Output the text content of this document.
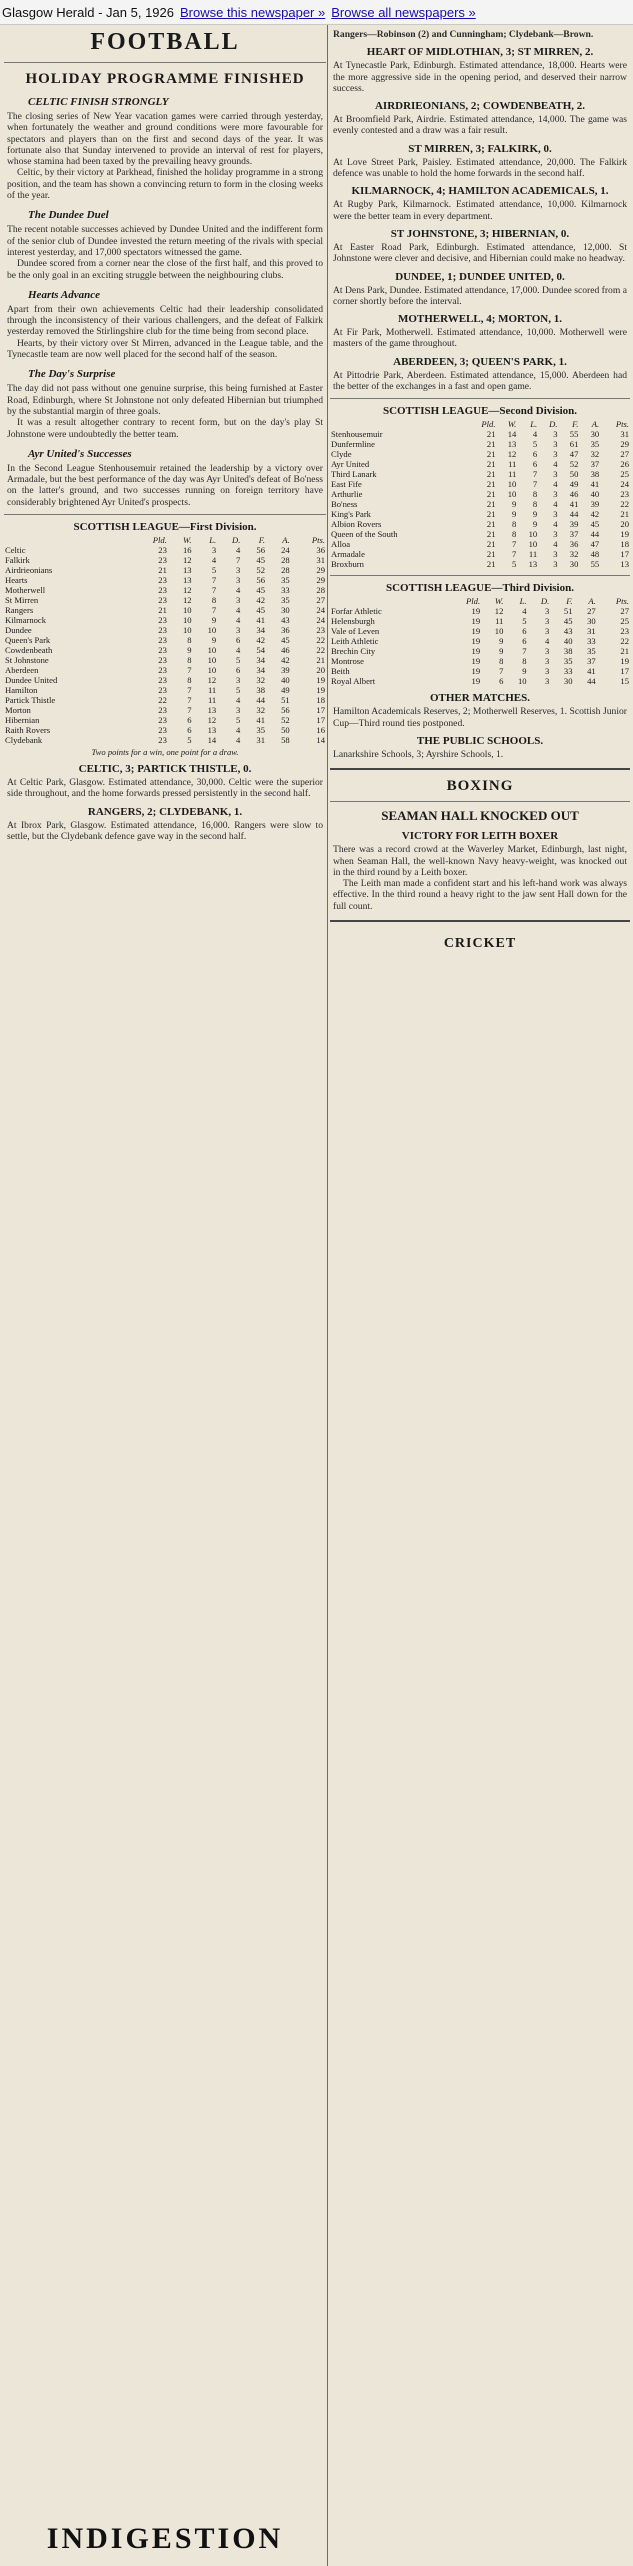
Glasgow Herald - Jan 5, 1926 Browse this newspaper » Browse all newspapers »
FOOTBALL
HOLIDAY PROGRAMME FINISHED
CELTIC FINISH STRONGLY

The closing series of New Year vacation games were carried through yesterday, when fortunately the weather and ground conditions were more favourable for spectators and players than on the first and second days of the year. It was fortunate also that Sunday intervened to provide an interval of rest for players, whose stamina had been taxed by the prevailing heavy grounds.

Celtic, by their victory at Parkhead, finished the holiday programme in a strong position, and the team has shown a convincing return to form in the closing weeks of the year.

The Dundee Duel

The recent notable successes achieved by Dundee United and the indifferent form of the senior club of Dundee invested the return meeting of the rivals with special interest yesterday, and 17,000 spectators witnessed the game.

Dundee scored from a corner near the close of the first half, and this proved to be the only goal in an exciting struggle between the neighbouring clubs.

Hearts Advance

Apart from their own achievements Celtic had their leadership consolidated through the inconsistency of their various challengers, and the defeat of Falkirk yesterday removed the Stirlingshire club for the time being from second place.

Hearts, by their victory over St Mirren, advanced in the League table, and the Tynecastle team are now well placed for the second half of the season.

The Day's Surprise

The day did not pass without one genuine surprise, this being furnished at Easter Road, Edinburgh, where St Johnstone not only defeated Hibernian but triumphed by the substantial margin of three goals.

It was a result altogether contrary to recent form, but on the day's play St Johnstone were undoubtedly the better team.

Ayr United's Successes

In the Second League Stenhousemuir retained the leadership by a victory over Armadale, but the best performance of the day was Ayr United's defeat of Bo'ness on the latter's ground, and two successes running on foreign territory have considerably brightened Ayr United's prospects.

SCOTTISH LEAGUE—First Division.
	Pld.	W.	L.	D.	F.	A.	Pts.
Celtic	23	16	3	4	56	24	36
Falkirk	23	12	4	7	45	28	31
Airdrieonians	21	13	5	3	52	28	29
Hearts	23	13	7	3	56	35	29
Motherwell	23	12	7	4	45	33	28
St Mirren	23	12	8	3	42	35	27
Rangers	21	10	7	4	45	30	24
Kilmarnock	23	10	9	4	41	43	24
Dundee	23	10	10	3	34	36	23
Queen's Park	23	8	9	6	42	45	22
Cowdenbeath	23	9	10	4	54	46	22
St Johnstone	23	8	10	5	34	42	21
Aberdeen	23	7	10	6	34	39	20
Dundee United	23	8	12	3	32	40	19
Hamilton	23	7	11	5	38	49	19
Partick Thistle	22	7	11	4	44	51	18
Morton	23	7	13	3	32	56	17
Hibernian	23	6	12	5	41	52	17
Raith Rovers	23	6	13	4	35	50	16
Clydebank	23	5	14	4	31	58	14
Two points for a win, one point for a draw.
CELTIC, 3; PARTICK THISTLE, 0.

At Celtic Park, Glasgow. Estimated attendance, 30,000. Celtic were the superior side throughout, and the home forwards pressed persistently in the second half.

RANGERS, 2; CLYDEBANK, 1.

At Ibrox Park, Glasgow. Estimated attendance, 16,000. Rangers were slow to settle, but the Clydebank defence gave way in the second half.

INDIGESTION

Rangers—Robinson (2) and Cunningham; Clydebank—Brown.

HEART OF MIDLOTHIAN, 3; ST MIRREN, 2.

At Tynecastle Park, Edinburgh. Estimated attendance, 18,000. Hearts were the more aggressive side in the opening period, and deserved their narrow success.

AIRDRIEONIANS, 2; COWDENBEATH, 2.

At Broomfield Park, Airdrie. Estimated attendance, 14,000. The game was evenly contested and a draw was a fair result.

ST MIRREN, 3; FALKIRK, 0.

At Love Street Park, Paisley. Estimated attendance, 20,000. The Falkirk defence was unable to hold the home forwards in the second half.

KILMARNOCK, 4; HAMILTON ACADEMICALS, 1.

At Rugby Park, Kilmarnock. Estimated attendance, 10,000. Kilmarnock were the better team in every department.

ST JOHNSTONE, 3; HIBERNIAN, 0.

At Easter Road Park, Edinburgh. Estimated attendance, 12,000. St Johnstone were clever and decisive, and Hibernian could make no headway.

DUNDEE, 1; DUNDEE UNITED, 0.

At Dens Park, Dundee. Estimated attendance, 17,000. Dundee scored from a corner shortly before the interval.

MOTHERWELL, 4; MORTON, 1.

At Fir Park, Motherwell. Estimated attendance, 10,000. Motherwell were masters of the game throughout.

ABERDEEN, 3; QUEEN'S PARK, 1.

At Pittodrie Park, Aberdeen. Estimated attendance, 15,000. Aberdeen had the better of the exchanges in a fast and open game.

SCOTTISH LEAGUE—Second Division.
	Pld.	W.	L.	D.	F.	A.	Pts.
Stenhousemuir	21	14	4	3	55	30	31
Dunfermline	21	13	5	3	61	35	29
Clyde	21	12	6	3	47	32	27
Ayr United	21	11	6	4	52	37	26
Third Lanark	21	11	7	3	50	38	25
East Fife	21	10	7	4	49	41	24
Arthurlie	21	10	8	3	46	40	23
Bo'ness	21	9	8	4	41	39	22
King's Park	21	9	9	3	44	42	21
Albion Rovers	21	8	9	4	39	45	20
Queen of the South	21	8	10	3	37	44	19
Alloa	21	7	10	4	36	47	18
Armadale	21	7	11	3	32	48	17
Broxburn	21	5	13	3	30	55	13
SCOTTISH LEAGUE—Third Division.
	Pld.	W.	L.	D.	F.	A.	Pts.
Forfar Athletic	19	12	4	3	51	27	27
Helensburgh	19	11	5	3	45	30	25
Vale of Leven	19	10	6	3	43	31	23
Leith Athletic	19	9	6	4	40	33	22
Brechin City	19	9	7	3	38	35	21
Montrose	19	8	8	3	35	37	19
Beith	19	7	9	3	33	41	17
Royal Albert	19	6	10	3	30	44	15
OTHER MATCHES.

Hamilton Academicals Reserves, 2; Motherwell Reserves, 1. Scottish Junior Cup—Third round ties postponed.

THE PUBLIC SCHOOLS.

Lanarkshire Schools, 3; Ayrshire Schools, 1.

BOXING
SEAMAN HALL KNOCKED OUT
VICTORY FOR LEITH BOXER

There was a record crowd at the Waverley Market, Edinburgh, last night, when Seaman Hall, the well-known Navy heavy-weight, was knocked out in the third round by a Leith boxer.

The Leith man made a confident start and his left-hand work was always effective. In the third round a heavy right to the jaw sent Hall down for the full count.

CRICKET
